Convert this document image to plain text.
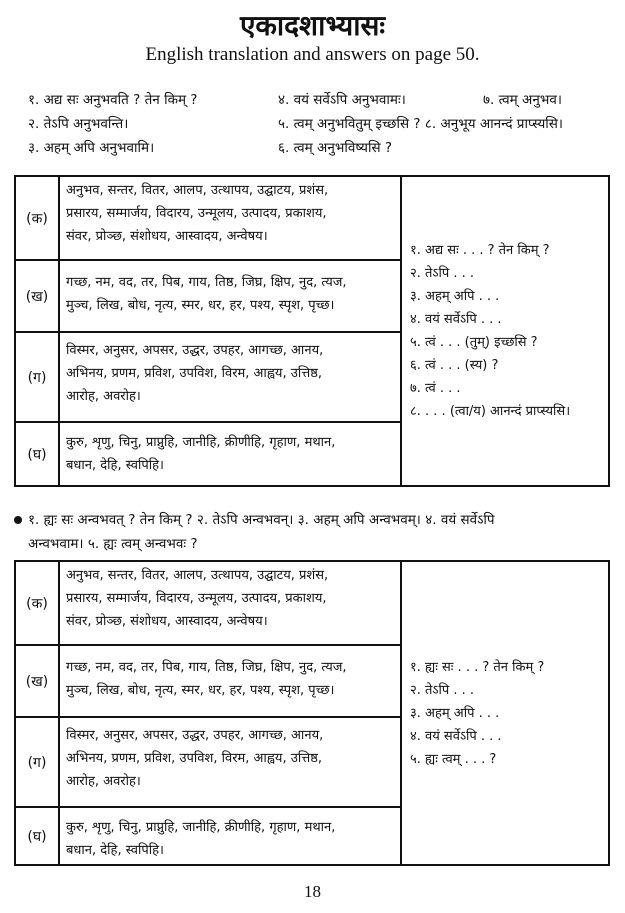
एकादशाभ्यासः
English translation and answers on page 50.
१. अद्य सः अनुभवति ? तेन किम् ?	४. वयं सर्वेऽपि अनुभवामः।	७. त्वम् अनुभव।
२. तेऽपि अनुभवन्ति।	५. त्वम् अनुभवितुम् इच्छसि ? ८. अनुभूय आनन्दं प्राप्स्यसि।
३. अहम् अपि अनुभवामि।	६. त्वम् अनुभविष्यसि ?
(क)
अनुभव, सन्तर, वितर, आलप, उत्थापय, उद्घाटय, प्रशंस,
प्रसारय, सम्मार्जय, विदारय, उन्मूलय, उत्पादय, प्रकाशय,
संवर, प्रोञ्छ, संशोधय, आस्वादय, अन्वेषय।
(ख)
गच्छ, नम, वद, तर, पिब, गाय, तिष्ठ, जिघ्र, क्षिप, नुद, त्यज,
मुञ्च, लिख, बोध, नृत्य, स्मर, धर, हर, पश्य, स्पृश, पृच्छ।
(ग)
विस्मर, अनुसर, अपसर, उद्धर, उपहर, आगच्छ, आनय,
अभिनय, प्रणम, प्रविश, उपविश, विरम, आह्वय, उत्तिष्ठ,
आरोह, अवरोह।
(घ)
कुरु, शृणु, चिनु, प्राप्नुहि, जानीहि, क्रीणीहि, गृहाण, मथान,
बधान, देहि, स्वपिहि।
१. अद्य सः . . . ? तेन किम् ?
२. तेऽपि . . .
३. अहम् अपि . . .
४. वयं सर्वेऽपि . . .
५. त्वं . . . (तुम्) इच्छसि ?
६. त्वं . . . (स्य) ?
७. त्वं . . .
८. . . . (त्वा/य) आनन्दं प्राप्स्यसि।
१. ह्यः सः अन्वभवत् ? तेन किम् ? २. तेऽपि अन्वभवन्। ३. अहम् अपि अन्वभवम्। ४. वयं सर्वेऽपि
अन्वभवाम। ५. ह्यः त्वम् अन्वभवः ?
(क)
अनुभव, सन्तर, वितर, आलप, उत्थापय, उद्घाटय, प्रशंस,
प्रसारय, सम्मार्जय, विदारय, उन्मूलय, उत्पादय, प्रकाशय,
संवर, प्रोञ्छ, संशोधय, आस्वादय, अन्वेषय।
(ख)
गच्छ, नम, वद, तर, पिब, गाय, तिष्ठ, जिघ्र, क्षिप, नुद, त्यज,
मुञ्च, लिख, बोध, नृत्य, स्मर, धर, हर, पश्य, स्पृश, पृच्छ।
(ग)
विस्मर, अनुसर, अपसर, उद्धर, उपहर, आगच्छ, आनय,
अभिनय, प्रणम, प्रविश, उपविश, विरम, आह्वय, उत्तिष्ठ,
आरोह, अवरोह।
(घ)
कुरु, शृणु, चिनु, प्राप्नुहि, जानीहि, क्रीणीहि, गृहाण, मथान,
बधान, देहि, स्वपिहि।
१. ह्यः सः . . . ? तेन किम् ?
२. तेऽपि . . .
३. अहम् अपि . . .
४. वयं सर्वेऽपि . . .
५. ह्यः त्वम् . . . ?
18
